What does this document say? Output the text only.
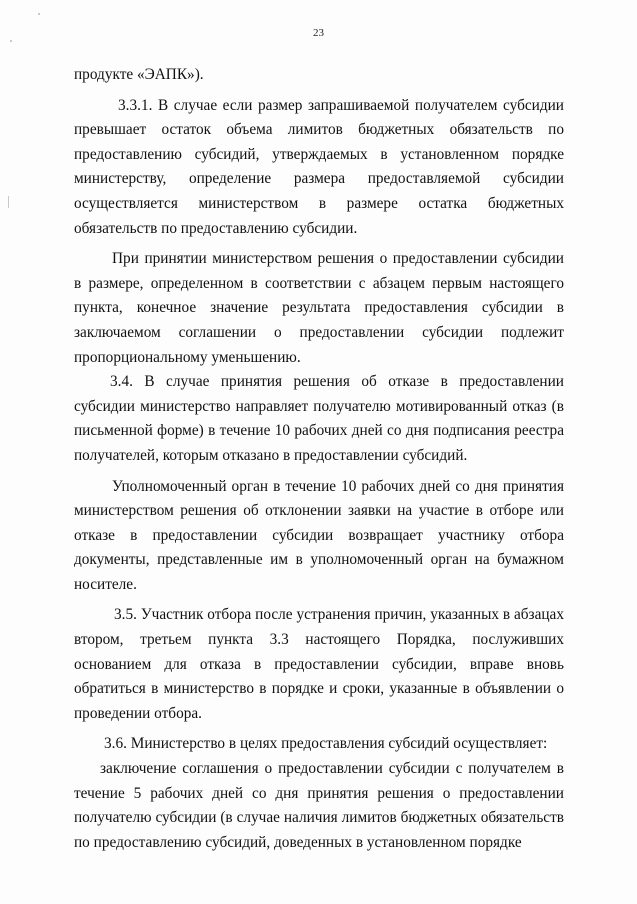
23

продукте «ЭАПК»).

3.3.1. В случае если размер запрашиваемой получателем субсидии превышает остаток объема лимитов бюджетных обязательств по предоставлению субсидий, утверждаемых в установленном порядке министерству, определение размера предоставляемой субсидии осуществляется министерством в размере остатка бюджетных обязательств по предоставлению субсидии.

При принятии министерством решения о предоставлении субсидии в размере, определенном в соответствии с абзацем первым настоящего пункта, конечное значение результата предоставления субсидии в заключаемом соглашении о предоставлении субсидии подлежит пропорциональному уменьшению.

3.4. В случае принятия решения об отказе в предоставлении субсидии министерство направляет получателю мотивированный отказ (в письменной форме) в течение 10 рабочих дней со дня подписания реестра получателей, которым отказано в предоставлении субсидий.

Уполномоченный орган в течение 10 рабочих дней со дня принятия министерством решения об отклонении заявки на участие в отборе или отказе в предоставлении субсидии возвращает участнику отбора документы, представленные им в уполномоченный орган на бумажном носителе.

3.5. Участник отбора после устранения причин, указанных в абзацах втором, третьем пункта 3.3 настоящего Порядка, послуживших основанием для отказа в предоставлении субсидии, вправе вновь обратиться в министерство в порядке и сроки, указанные в объявлении о проведении отбора.

3.6. Министерство в целях предоставления субсидий осуществляет:

заключение соглашения о предоставлении субсидии с получателем в течение 5 рабочих дней со дня принятия решения о предоставлении получателю субсидии (в случае наличия лимитов бюджетных обязательств по предоставлению субсидий, доведенных в установленном порядке
